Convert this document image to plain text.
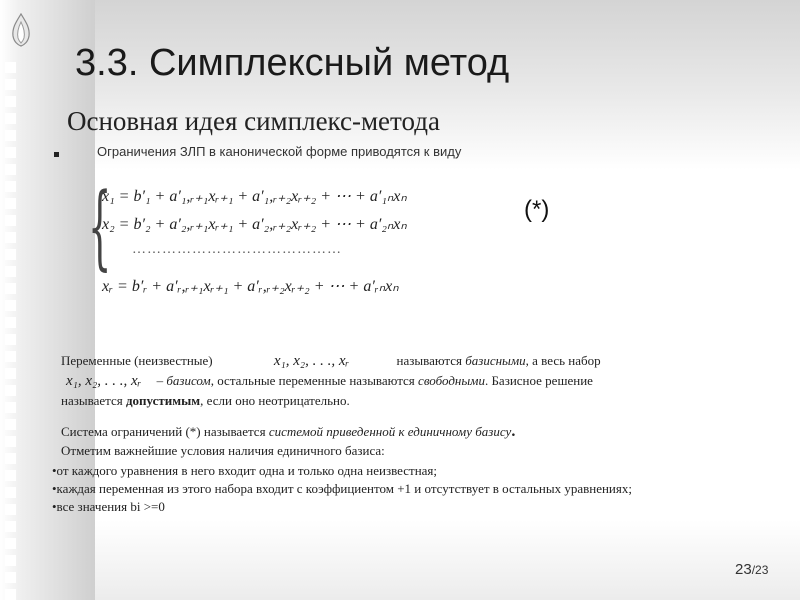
3.3. Симплексный метод
Основная идея симплекс-метода
Ограничения ЗЛП в канонической форме приводятся к виду
{
x₁ = b′₁ + a′₁,ᵣ₊₁xᵣ₊₁ + a′₁,ᵣ₊₂xᵣ₊₂ + ⋯ + a′₁ₙxₙ
x₂ = b′₂ + a′₂,ᵣ₊₁xᵣ₊₁ + a′₂,ᵣ₊₂xᵣ₊₂ + ⋯ + a′₂ₙxₙ
……………………………………
xᵣ = b′ᵣ + a′ᵣ,ᵣ₊₁xᵣ₊₁ + a′ᵣ,ᵣ₊₂xᵣ₊₂ + ⋯ + a′ᵣₙxₙ
(*)
Переменные (неизвестные)	x₁, x₂, . . ., xᵣ	называются базисными, а весь набор
x₁, x₂, . . ., xᵣ – базисом, остальные переменные называются свободными. Базисное решение
называется допустимым, если оно неотрицательно.
Система ограничений (*) называется системой приведенной к единичному базису.
Отметим важнейшие условия наличия единичного базиса:
•от каждого уравнения в него входит одна и только одна неизвестная;
•каждая переменная из этого набора входит с коэффициентом +1 и отсутствует в остальных уравнениях;
•все значения bi >=0
23/23
